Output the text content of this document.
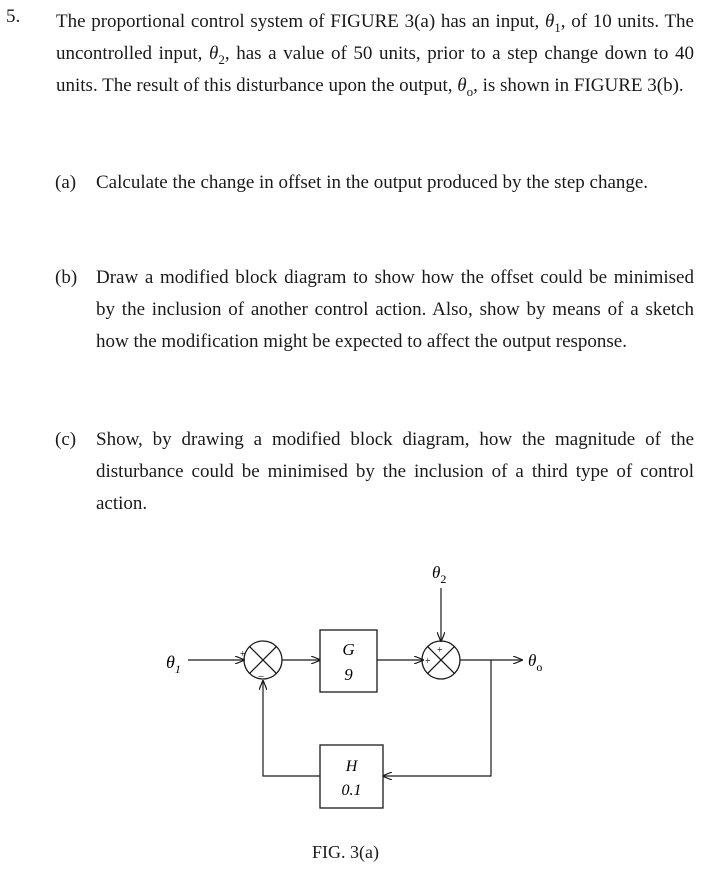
5. The proportional control system of FIGURE 3(a) has an input, $\theta_1$, of 10 units. The uncontrolled input, $\theta_2$, has a value of 50 units, prior to a step change down to 40 units. The result of this disturbance upon the output, $\theta_o$, is shown in FIGURE 3(b).
(a) Calculate the change in offset in the output produced by the step change.
(b) Draw a modified block diagram to show how the offset could be minimised by the inclusion of another control action. Also, show by means of a sketch how the modification might be expected to affect the output response.
(c) Show, by drawing a modified block diagram, how the magnitude of the disturbance could be minimised by the inclusion of a third type of control action.
$\theta_1$
+
−
G
9
$\theta_2$
+
+	$\theta_o$
H
0.1
FIG. 3(a)
